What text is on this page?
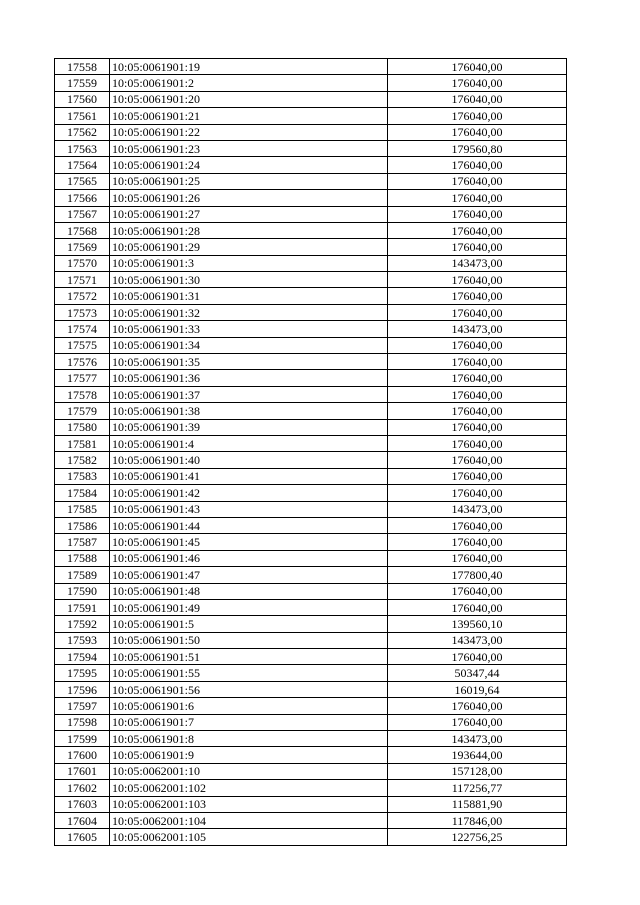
17558	10:05:0061901:19	176040,00
17559	10:05:0061901:2	176040,00
17560	10:05:0061901:20	176040,00
17561	10:05:0061901:21	176040,00
17562	10:05:0061901:22	176040,00
17563	10:05:0061901:23	179560,80
17564	10:05:0061901:24	176040,00
17565	10:05:0061901:25	176040,00
17566	10:05:0061901:26	176040,00
17567	10:05:0061901:27	176040,00
17568	10:05:0061901:28	176040,00
17569	10:05:0061901:29	176040,00
17570	10:05:0061901:3	143473,00
17571	10:05:0061901:30	176040,00
17572	10:05:0061901:31	176040,00
17573	10:05:0061901:32	176040,00
17574	10:05:0061901:33	143473,00
17575	10:05:0061901:34	176040,00
17576	10:05:0061901:35	176040,00
17577	10:05:0061901:36	176040,00
17578	10:05:0061901:37	176040,00
17579	10:05:0061901:38	176040,00
17580	10:05:0061901:39	176040,00
17581	10:05:0061901:4	176040,00
17582	10:05:0061901:40	176040,00
17583	10:05:0061901:41	176040,00
17584	10:05:0061901:42	176040,00
17585	10:05:0061901:43	143473,00
17586	10:05:0061901:44	176040,00
17587	10:05:0061901:45	176040,00
17588	10:05:0061901:46	176040,00
17589	10:05:0061901:47	177800,40
17590	10:05:0061901:48	176040,00
17591	10:05:0061901:49	176040,00
17592	10:05:0061901:5	139560,10
17593	10:05:0061901:50	143473,00
17594	10:05:0061901:51	176040,00
17595	10:05:0061901:55	50347,44
17596	10:05:0061901:56	16019,64
17597	10:05:0061901:6	176040,00
17598	10:05:0061901:7	176040,00
17599	10:05:0061901:8	143473,00
17600	10:05:0061901:9	193644,00
17601	10:05:0062001:10	157128,00
17602	10:05:0062001:102	117256,77
17603	10:05:0062001:103	115881,90
17604	10:05:0062001:104	117846,00
17605	10:05:0062001:105	122756,25
